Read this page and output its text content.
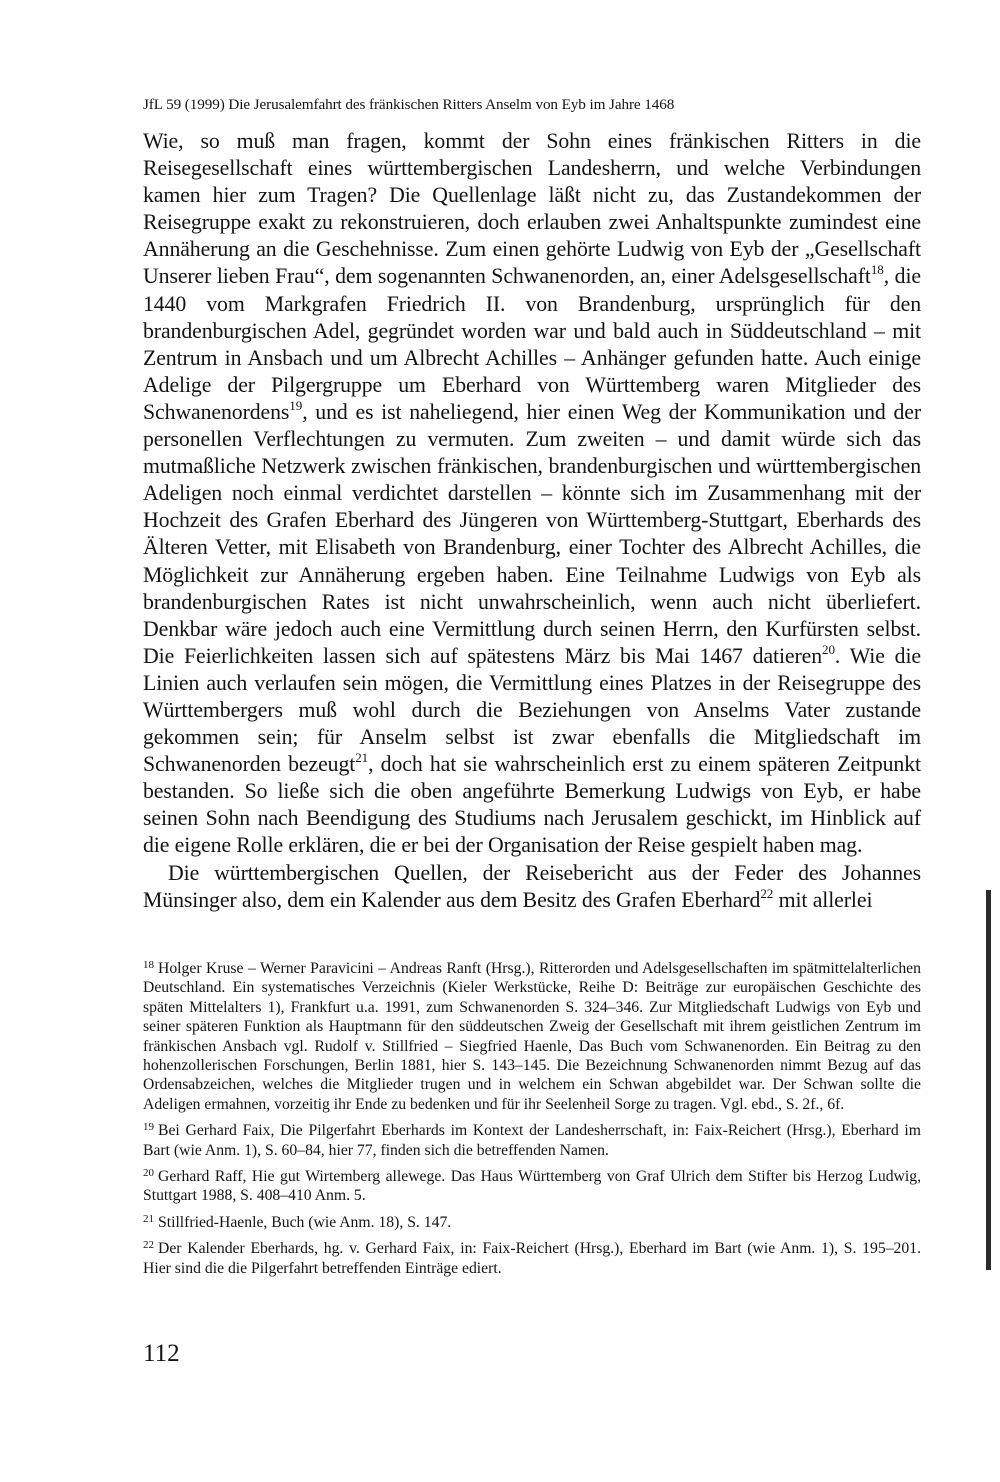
JfL 59 (1999) Die Jerusalemfahrt des fränkischen Ritters Anselm von Eyb im Jahre 1468

Wie, so muß man fragen, kommt der Sohn eines fränkischen Ritters in die Reisegesellschaft eines württembergischen Landesherrn, und welche Verbindungen kamen hier zum Tragen? Die Quellenlage läßt nicht zu, das Zustandekommen der Reisegruppe exakt zu rekonstruieren, doch erlauben zwei Anhaltspunkte zumindest eine Annäherung an die Geschehnisse. Zum einen gehörte Ludwig von Eyb der „Gesellschaft Unserer lieben Frau“, dem sogenannten Schwanenorden, an, einer Adelsgesellschaft$^{18}$, die 1440 vom Markgrafen Friedrich II. von Brandenburg, ursprünglich für den brandenburgischen Adel, gegründet worden war und bald auch in Süddeutschland – mit Zentrum in Ansbach und um Albrecht Achilles – Anhänger gefunden hatte. Auch einige Adelige der Pilgergruppe um Eberhard von Württemberg waren Mitglieder des Schwanenordens$^{19}$, und es ist naheliegend, hier einen Weg der Kommunikation und der personellen Verflechtungen zu vermuten. Zum zweiten – und damit würde sich das mutmaßliche Netzwerk zwischen fränkischen, brandenburgischen und württembergischen Adeligen noch einmal verdichtet darstellen – könnte sich im Zusammenhang mit der Hochzeit des Grafen Eberhard des Jüngeren von Württemberg-Stuttgart, Eberhards des Älteren Vetter, mit Elisabeth von Brandenburg, einer Tochter des Albrecht Achilles, die Möglichkeit zur Annäherung ergeben haben. Eine Teilnahme Ludwigs von Eyb als brandenburgischen Rates ist nicht unwahrscheinlich, wenn auch nicht überliefert. Denkbar wäre jedoch auch eine Vermittlung durch seinen Herrn, den Kurfürsten selbst. Die Feierlichkeiten lassen sich auf spätestens März bis Mai 1467 datieren$^{20}$. Wie die Linien auch verlaufen sein mögen, die Vermittlung eines Platzes in der Reisegruppe des Württembergers muß wohl durch die Beziehungen von Anselms Vater zustande gekommen sein; für Anselm selbst ist zwar ebenfalls die Mitgliedschaft im Schwanenorden bezeugt$^{21}$, doch hat sie wahrscheinlich erst zu einem späteren Zeitpunkt bestanden. So ließe sich die oben angeführte Bemerkung Ludwigs von Eyb, er habe seinen Sohn nach Beendigung des Studiums nach Jerusalem geschickt, im Hinblick auf die eigene Rolle erklären, die er bei der Organisation der Reise gespielt haben mag.

Die württembergischen Quellen, der Reisebericht aus der Feder des Johannes Münsinger also, dem ein Kalender aus dem Besitz des Grafen Eberhard$^{22}$ mit allerlei

18 Holger Kruse – Werner Paravicini – Andreas Ranft (Hrsg.), Ritterorden und Adelsgesellschaften im spätmittelalterlichen Deutschland. Ein systematisches Verzeichnis (Kieler Werkstücke, Reihe D: Beiträge zur europäischen Geschichte des späten Mittelalters 1), Frankfurt u.a. 1991, zum Schwanenorden S. 324–346. Zur Mitgliedschaft Ludwigs von Eyb und seiner späteren Funktion als Hauptmann für den süddeutschen Zweig der Gesellschaft mit ihrem geistlichen Zentrum im fränkischen Ansbach vgl. Rudolf v. Stillfried – Siegfried Haenle, Das Buch vom Schwanenorden. Ein Beitrag zu den hohenzollerischen Forschungen, Berlin 1881, hier S. 143–145. Die Bezeichnung Schwanenorden nimmt Bezug auf das Ordensabzeichen, welches die Mitglieder trugen und in welchem ein Schwan abgebildet war. Der Schwan sollte die Adeligen ermahnen, vorzeitig ihr Ende zu bedenken und für ihr Seelenheil Sorge zu tragen. Vgl. ebd., S. 2f., 6f.

19 Bei Gerhard Faix, Die Pilgerfahrt Eberhards im Kontext der Landesherrschaft, in: Faix-Reichert (Hrsg.), Eberhard im Bart (wie Anm. 1), S. 60–84, hier 77, finden sich die betreffenden Namen.

20 Gerhard Raff, Hie gut Wirtemberg allewege. Das Haus Württemberg von Graf Ulrich dem Stifter bis Herzog Ludwig, Stuttgart 1988, S. 408–410 Anm. 5.

21 Stillfried-Haenle, Buch (wie Anm. 18), S. 147.

22 Der Kalender Eberhards, hg. v. Gerhard Faix, in: Faix-Reichert (Hrsg.), Eberhard im Bart (wie Anm. 1), S. 195–201. Hier sind die die Pilgerfahrt betreffenden Einträge ediert.

112
